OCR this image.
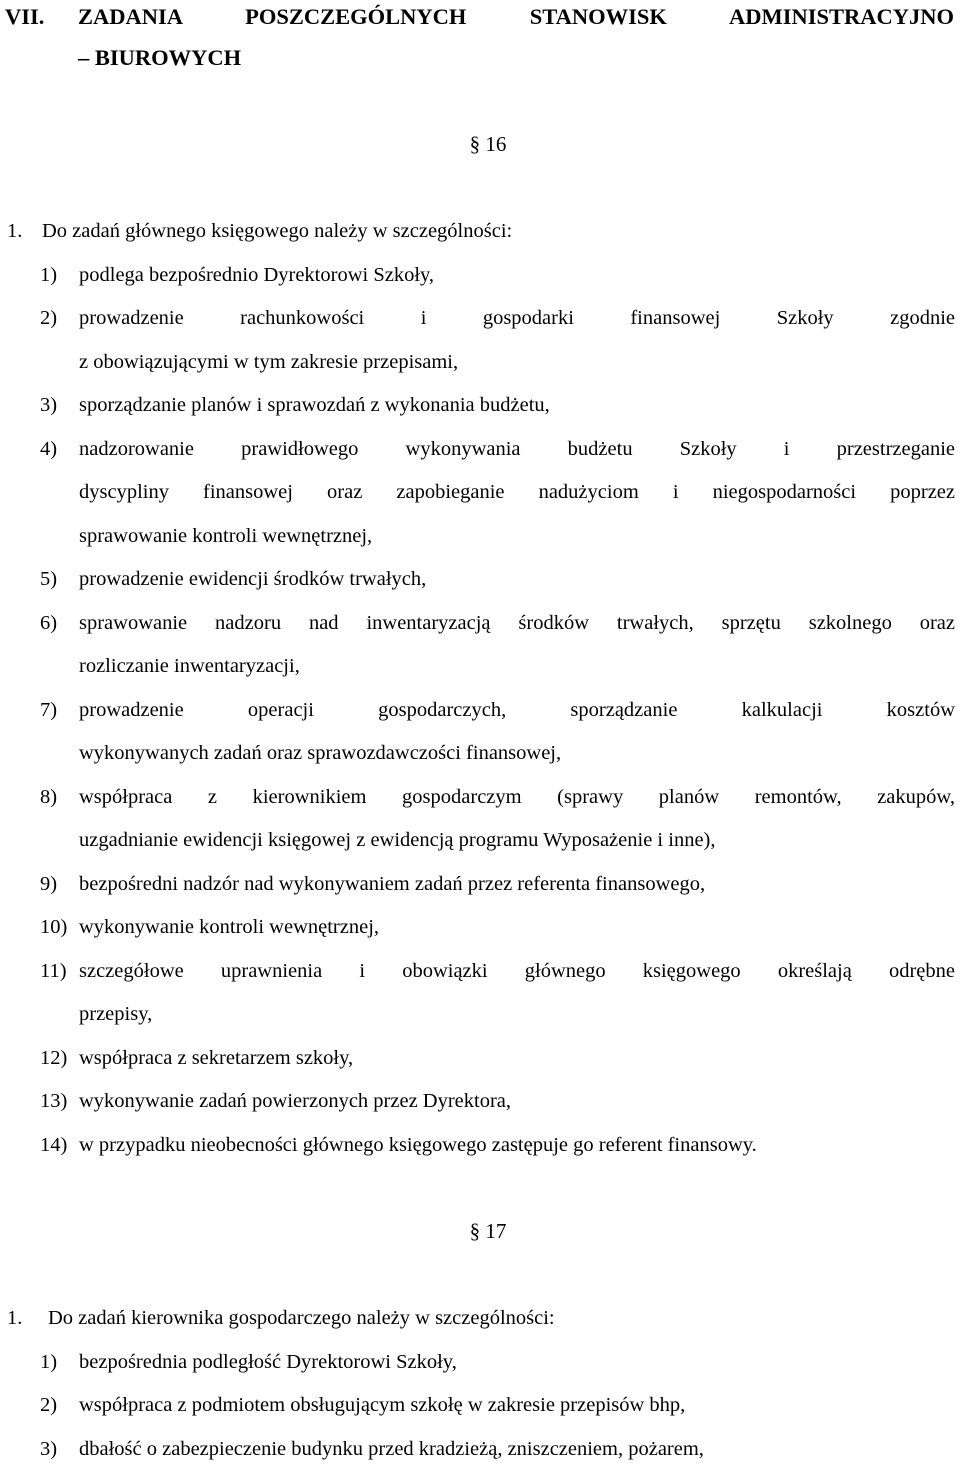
VII. ZADANIA POSZCZEGÓLNYCH STANOWISK ADMINISTRACYJNO
– BIUROWYCH
§ 16
1. Do zadań głównego księgowego należy w szczególności:
1) podlega bezpośrednio Dyrektorowi Szkoły,
2) prowadzenie rachunkowości i gospodarki finansowej Szkoły zgodnie
z obowiązującymi w tym zakresie przepisami,
3) sporządzanie planów i sprawozdań z wykonania budżetu,
4) nadzorowanie prawidłowego wykonywania budżetu Szkoły i przestrzeganie
dyscypliny finansowej oraz zapobieganie nadużyciom i niegospodarności poprzez
sprawowanie kontroli wewnętrznej,
5) prowadzenie ewidencji środków trwałych,
6) sprawowanie nadzoru nad inwentaryzacją środków trwałych, sprzętu szkolnego oraz
rozliczanie inwentaryzacji,
7) prowadzenie operacji gospodarczych, sporządzanie kalkulacji kosztów
wykonywanych zadań oraz sprawozdawczości finansowej,
8) współpraca z kierownikiem gospodarczym (sprawy planów remontów, zakupów,
uzgadnianie ewidencji księgowej z ewidencją programu Wyposażenie i inne),
9) bezpośredni nadzór nad wykonywaniem zadań przez referenta finansowego,
10) wykonywanie kontroli wewnętrznej,
11) szczegółowe uprawnienia i obowiązki głównego księgowego określają odrębne
przepisy,
12) współpraca z sekretarzem szkoły,
13) wykonywanie zadań powierzonych przez Dyrektora,
14) w przypadku nieobecności głównego księgowego zastępuje go referent finansowy.
§ 17
1. Do zadań kierownika gospodarczego należy w szczególności:
1) bezpośrednia podległość Dyrektorowi Szkoły,
2) współpraca z podmiotem obsługującym szkołę w zakresie przepisów bhp,
3) dbałość o zabezpieczenie budynku przed kradzieżą, zniszczeniem, pożarem,
